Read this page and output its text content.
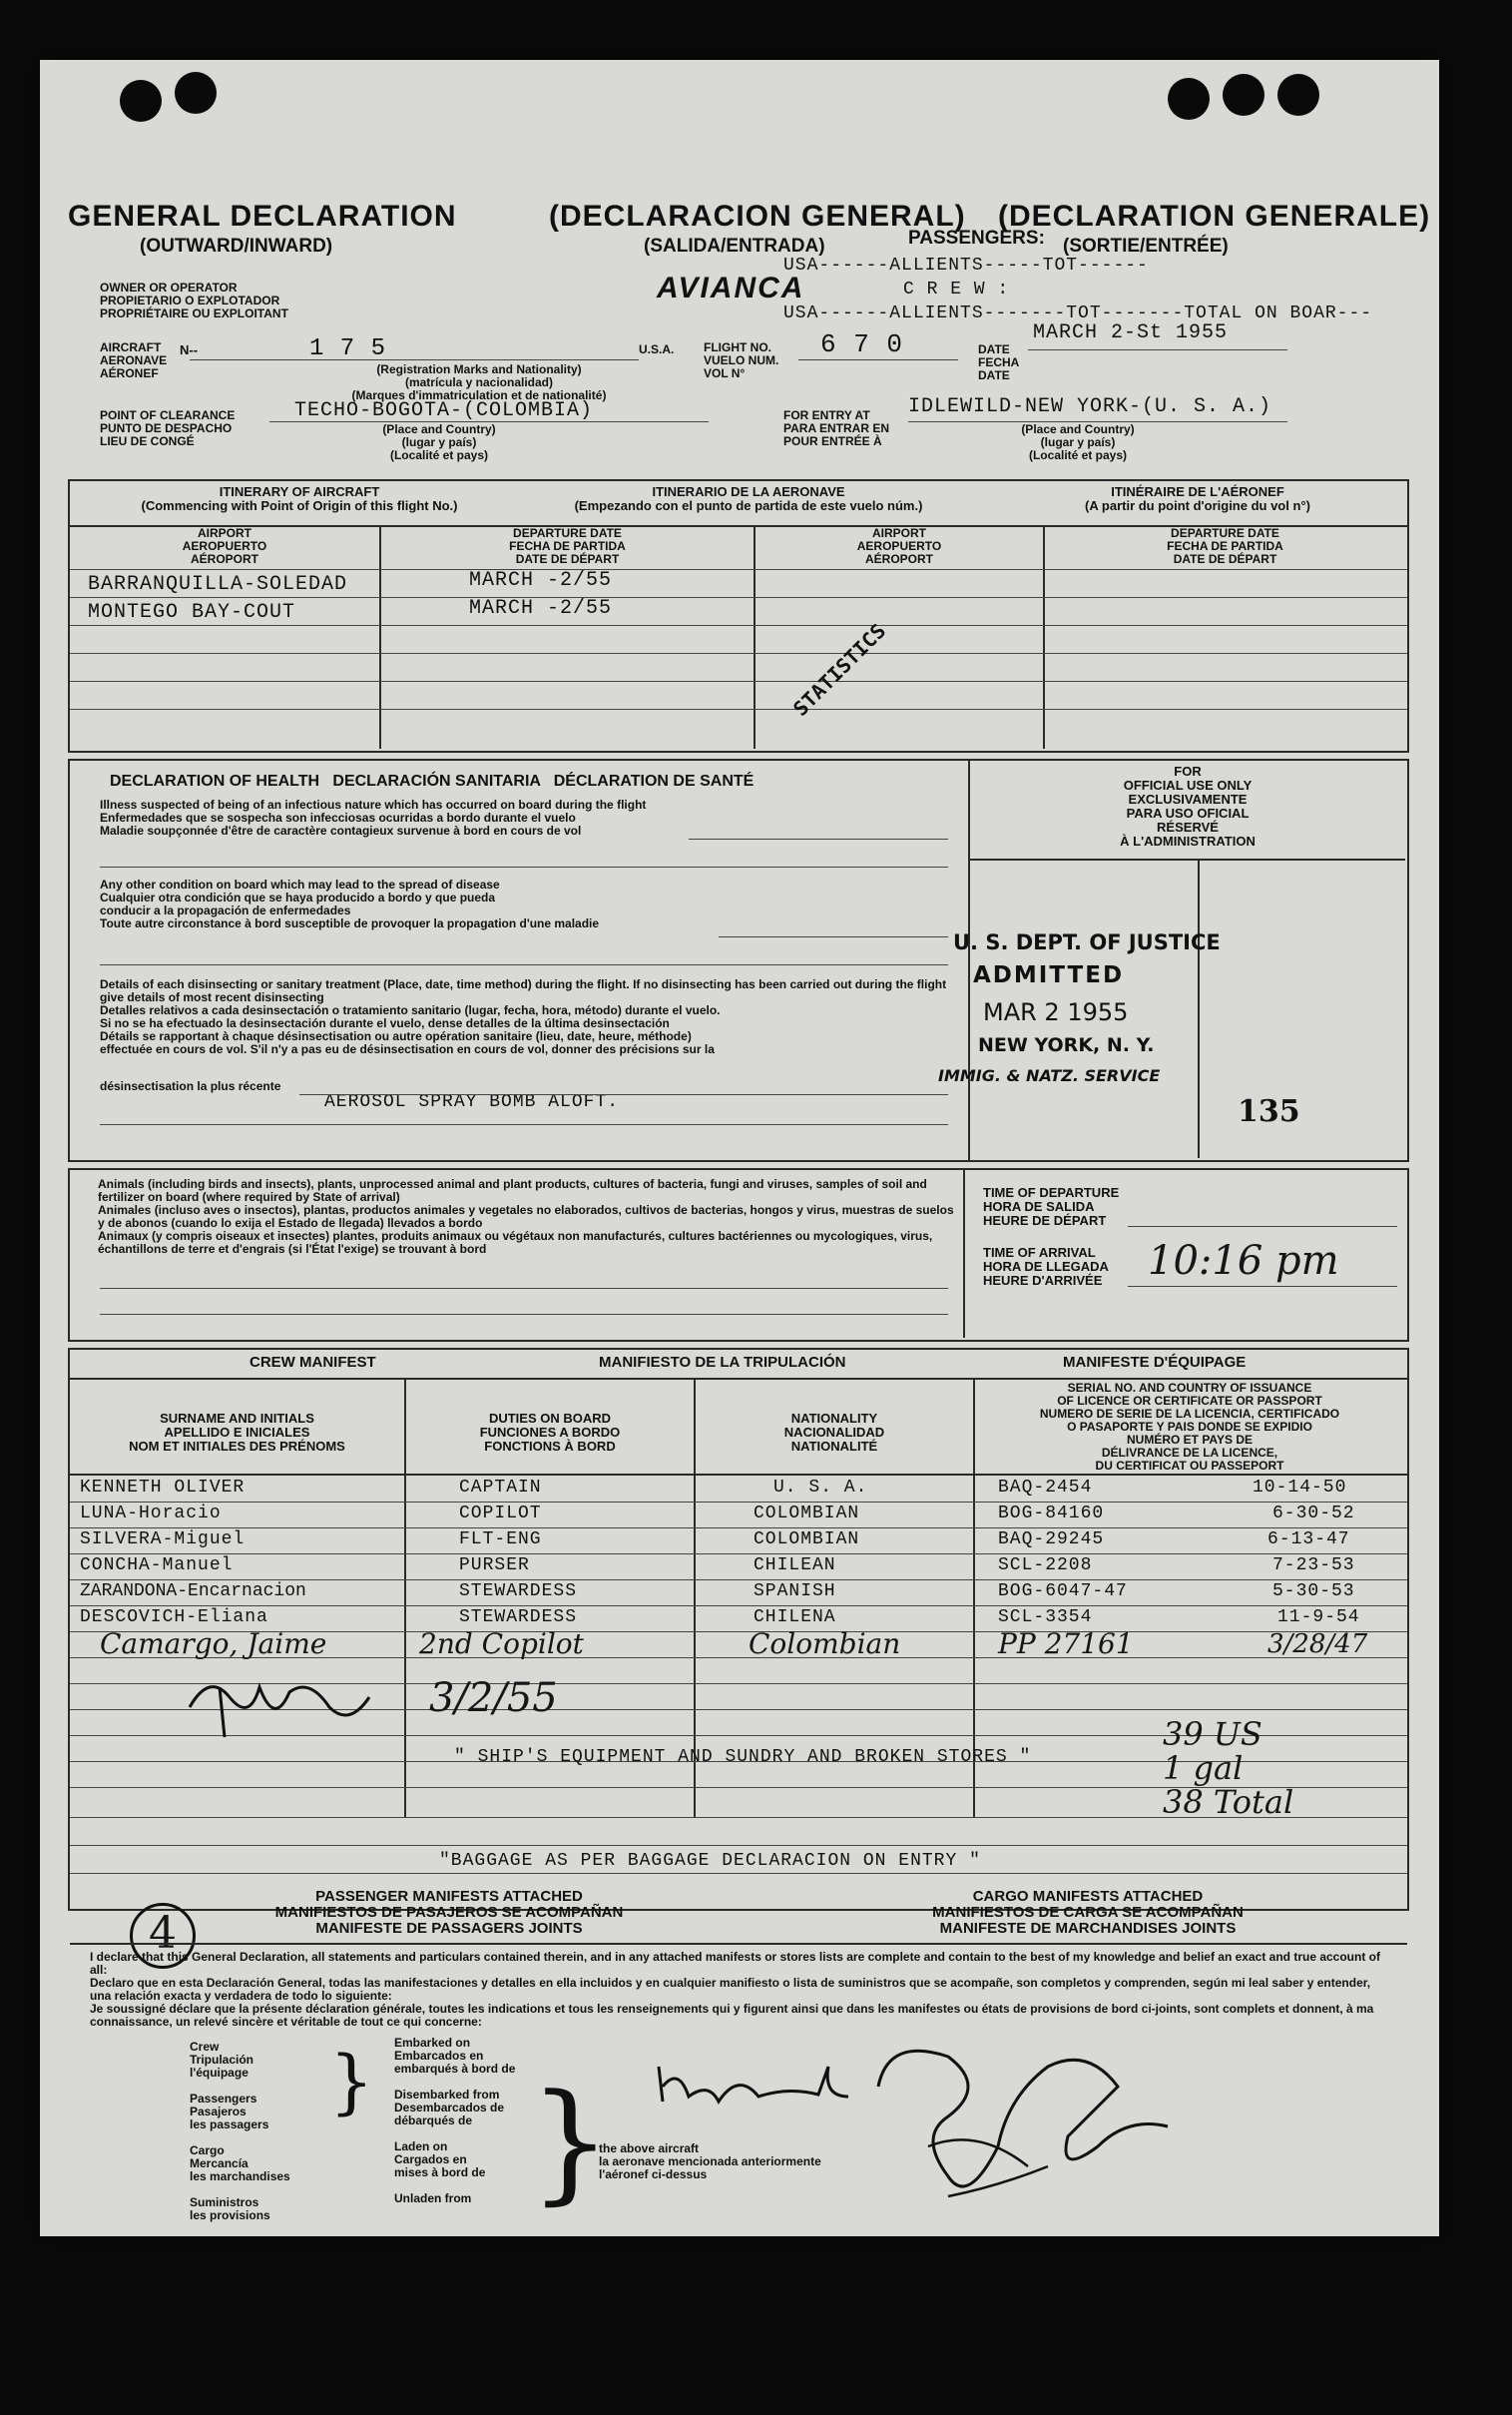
GENERAL DECLARATION	(DECLARACION GENERAL) (DECLARATION GENERALE)
(OUTWARD/INWARD)	(SALIDA/ENTRADA)	(SORTIE/ENTRÉE)
PASSENGERS:
USA------ALLIENTS-----TOT------
C R E W :
USA------ALLIENTS-------TOT-------TOTAL ON BOAR---
OWNER OR OPERATOR
PROPIETARIO O EXPLOTADOR
PROPRIÉTAIRE OU EXPLOITANT
AVIANCA
AIRCRAFT
AERONAVE
AÉRONEF
N--	1 7 5
(Registration Marks and Nationality)
(matrícula y nacionalidad)
(Marques d'immatriculation et de nationalité)
U.S.A. FLIGHT NO.
VUELO NUM.
VOL N°
6 7 0	DATE
FECHA
DATE
MARCH 2-St 1955
POINT OF CLEARANCE
PUNTO DE DESPACHO
LIEU DE CONGÉ
TECHO-BOGOTA-(COLOMBIA)
(Place and Country)
(lugar y país)
(Localité et pays)
FOR ENTRY AT
PARA ENTRAR EN
POUR ENTRÉE À
IDLEWILD-NEW YORK-(U. S. A.)
(Place and Country)
(lugar y país)
(Localité et pays)
ITINERARY OF AIRCRAFT
(Commencing with Point of Origin of this flight No.)
ITINERARIO DE LA AERONAVE
(Empezando con el punto de partida de este vuelo núm.)
ITINÉRAIRE DE L'AÉRONEF
(A partir du point d'origine du vol n°)
AIRPORT
AEROPUERTO
AÉROPORT
DEPARTURE DATE
FECHA DE PARTIDA
DATE DE DÉPART
AIRPORT
AEROPUERTO
AÉROPORT
DEPARTURE DATE
FECHA DE PARTIDA
DATE DE DÉPART
BARRANQUILLA-SOLEDAD	MARCH -2/55
MONTEGO BAY-COUT	MARCH -2/55
STATISTICS
DECLARATION OF HEALTH   DECLARACIÓN SANITARIA   DÉCLARATION DE SANTÉ
Illness suspected of being of an infectious nature which has occurred on board during the flight
Enfermedades que se sospecha son infecciosas ocurridas a bordo durante el vuelo
Maladie soupçonnée d'être de caractère contagieux survenue à bord en cours de vol
Any other condition on board which may lead to the spread of disease
Cualquier otra condición que se haya producido a bordo y que pueda
conducir a la propagación de enfermedades
Toute autre circonstance à bord susceptible de provoquer la propagation d'une maladie
Details of each disinsecting or sanitary treatment (Place, date, time method) during the flight. If no disinsecting has been carried out during the flight give details of most recent disinsecting
Detalles relativos a cada desinsectación o tratamiento sanitario (lugar, fecha, hora, método) durante el vuelo.
Si no se ha efectuado la desinsectación durante el vuelo, dense detalles de la última desinsectación
Détails se rapportant à chaque désinsectisation ou autre opération sanitaire (lieu, date, heure, méthode)
effectuée en cours de vol. S'il n'y a pas eu de désinsectisation en cours de vol, donner des précisions sur la
désinsectisation la plus récente
AEROSOL SPRAY BOMB ALOFT.
FOR
OFFICIAL USE ONLY
EXCLUSIVAMENTE
PARA USO OFICIAL
RÉSERVÉ
À L'ADMINISTRATION
U. S. DEPT. OF JUSTICE
ADMITTED
MAR 2 1955
NEW YORK, N. Y.
IMMIG. & NATZ. SERVICE
135
Animals (including birds and insects), plants, unprocessed animal and plant products, cultures of bacteria, fungi and viruses, samples of soil and fertilizer on board (where required by State of arrival)
Animales (incluso aves o insectos), plantas, productos animales y vegetales no elaborados, cultivos de bacterias, hongos y virus, muestras de suelos y de abonos (cuando lo exija el Estado de llegada) llevados a bordo
Animaux (y compris oiseaux et insectes) plantes, produits animaux ou végétaux non manufacturés, cultures bactériennes ou mycologiques, virus, échantillons de terre et d'engrais (si l'État l'exige) se trouvant à bord
TIME OF DEPARTURE
HORA DE SALIDA
HEURE DE DÉPART
TIME OF ARRIVAL
HORA DE LLEGADA
HEURE D'ARRIVÉE 10:16 pm
CREW MANIFEST	MANIFIESTO DE LA TRIPULACIÓN	MANIFESTE D'ÉQUIPAGE
SURNAME AND INITIALS
APELLIDO E INICIALES
NOM ET INITIALES DES PRÉNOMS
DUTIES ON BOARD
FUNCIONES A BORDO
FONCTIONS À BORD
NATIONALITY
NACIONALIDAD
NATIONALITÉ
SERIAL NO. AND COUNTRY OF ISSUANCE
OF LICENCE OR CERTIFICATE OR PASSPORT
NUMERO DE SERIE DE LA LICENCIA, CERTIFICADO
O PASAPORTE Y PAIS DONDE SE EXPIDIO
NUMÉRO ET PAYS DE
DÉLIVRANCE DE LA LICENCE,
DU CERTIFICAT OU PASSEPORT
KENNETH OLIVER	CAPTAIN	U. S. A.	BAQ-2454	10-14-50
LUNA-Horacio	COPILOT	COLOMBIAN	BOG-84160	6-30-52
SILVERA-Miguel	FLT-ENG	COLOMBIAN	BAQ-29245	6-13-47
CONCHA-Manuel	PURSER	CHILEAN	SCL-2208	7-23-53
ZARANDONA-Encarnacion	STEWARDESS	SPANISH	BOG-6047-47	5-30-53
DESCOVICH-Eliana	STEWARDESS	CHILENA	SCL-3354	11-9-54
Camargo, Jaime	2nd Copilot	Colombian	PP 27161	3/28/47
3/2/55
" SHIP'S EQUIPMENT AND SUNDRY AND BROKEN STORES "
39 US
1 gal
38 Total
"BAGGAGE AS PER BAGGAGE DECLARACION ON ENTRY "
4
PASSENGER MANIFESTS ATTACHED
MANIFIESTOS DE PASAJEROS SE ACOMPAÑAN
MANIFESTE DE PASSAGERS JOINTS
CARGO MANIFESTS ATTACHED
MANIFIESTOS DE CARGA SE ACOMPAÑAN
MANIFESTE DE MARCHANDISES JOINTS
I declare that this General Declaration, all statements and particulars contained therein, and in any attached manifests or stores lists are complete and contain to the best of my knowledge and belief an exact and true account of all:
Declaro que en esta Declaración General, todas las manifestaciones y detalles en ella incluidos y en cualquier manifiesto o lista de suministros que se acompañe, son completos y comprenden, según mi leal saber y entender, una relación exacta y verdadera de todo lo siguiente:
Je soussigné déclare que la présente déclaration générale, toutes les indications et tous les renseignements qui y figurent ainsi que dans les manifestes ou états de provisions de bord ci-joints, sont complets et donnent, à ma connaissance, un relevé sincère et véritable de tout ce qui concerne:
Crew
Tripulación
l'équipage

Passengers
Pasajeros
les passagers

Cargo
Mercancía
les marchandises

Suministros
les provisions
} Embarked on
Embarcados en
embarqués à bord de

Disembarked from
Desembarcados de
débarqués de

Laden on
Cargados en
mises à bord de

Unladen from }
the above aircraft
la aeronave mencionada anteriormente
l'aéronef ci-dessus
